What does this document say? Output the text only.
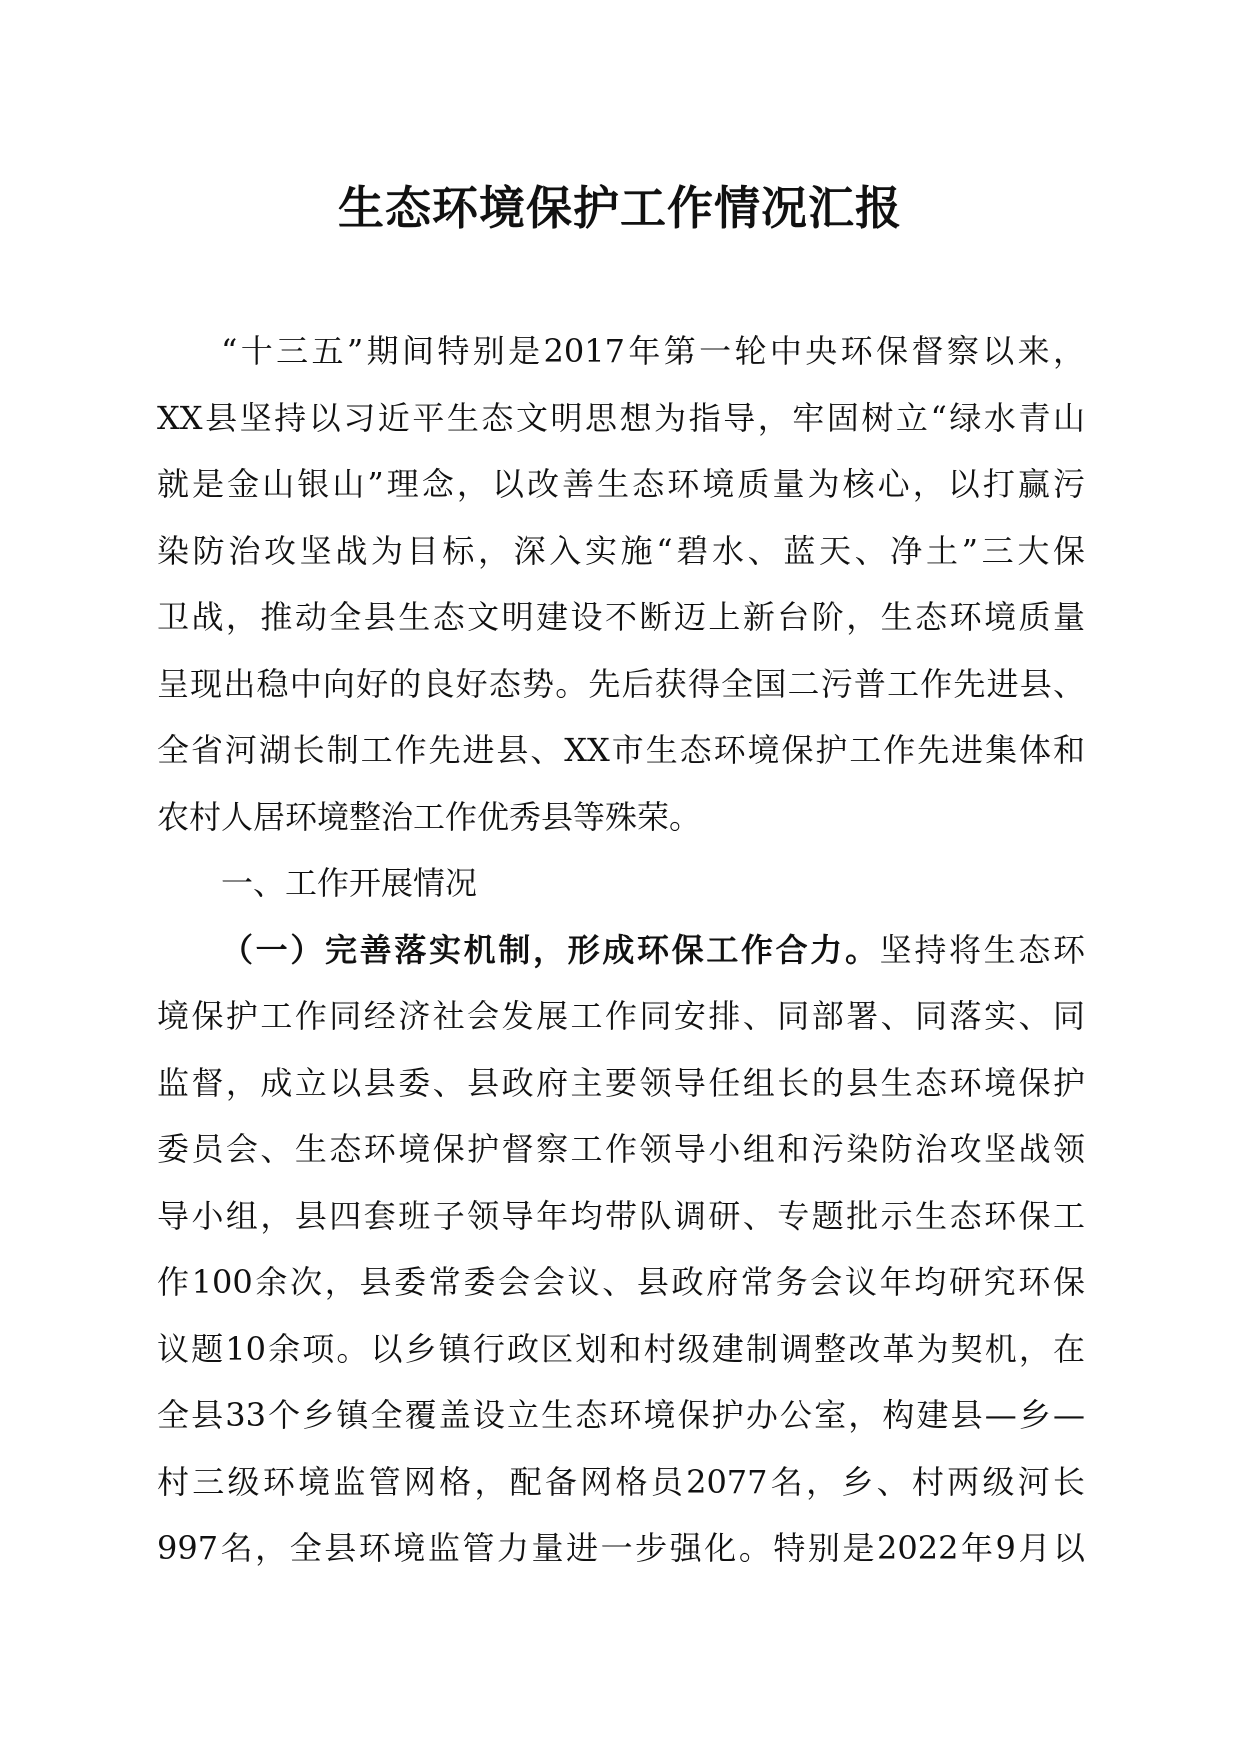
生态环境保护工作情况汇报
“十三五”期间特别是2017年第一轮中央环保督察以来，
XX县坚持以习近平生态文明思想为指导，牢固树立“绿水青山
就是金山银山”理念，以改善生态环境质量为核心，以打赢污
染防治攻坚战为目标，深入实施“碧水、蓝天、净土”三大保
卫战，推动全县生态文明建设不断迈上新台阶，生态环境质量
呈现出稳中向好的良好态势。先后获得全国二污普工作先进县、
全省河湖长制工作先进县、XX市生态环境保护工作先进集体和
农村人居环境整治工作优秀县等殊荣。
一、工作开展情况
（一）完善落实机制，形成环保工作合力。坚持将生态环
境保护工作同经济社会发展工作同安排、同部署、同落实、同
监督，成立以县委、县政府主要领导任组长的县生态环境保护
委员会、生态环境保护督察工作领导小组和污染防治攻坚战领
导小组，县四套班子领导年均带队调研、专题批示生态环保工
作100余次，县委常委会会议、县政府常务会议年均研究环保
议题10余项。以乡镇行政区划和村级建制调整改革为契机，在
全县33个乡镇全覆盖设立生态环境保护办公室，构建县—乡—
村三级环境监管网格，配备网格员2077名，乡、村两级河长
997名，全县环境监管力量进一步强化。特别是2022年9月以
